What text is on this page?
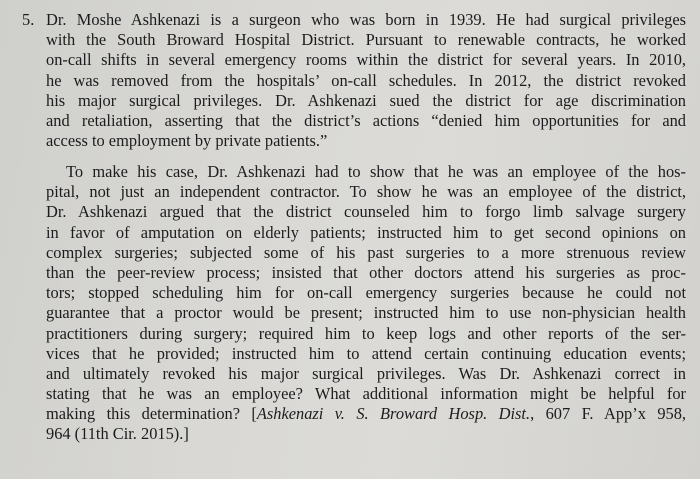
5. Dr. Moshe Ashkenazi is a surgeon who was born in 1939. He had surgical privileges
with the South Broward Hospital District. Pursuant to renewable contracts, he worked
on-call shifts in several emergency rooms within the district for several years. In 2010,
he was removed from the hospitals’ on-call schedules. In 2012, the district revoked
his major surgical privileges. Dr. Ashkenazi sued the district for age discrimination
and retaliation, asserting that the district’s actions “denied him opportunities for and
access to employment by private patients.”
To make his case, Dr. Ashkenazi had to show that he was an employee of the hos-
pital, not just an independent contractor. To show he was an employee of the district,
Dr. Ashkenazi argued that the district counseled him to forgo limb salvage surgery
in favor of amputation on elderly patients; instructed him to get second opinions on
complex surgeries; subjected some of his past surgeries to a more strenuous review
than the peer-review process; insisted that other doctors attend his surgeries as proc-
tors; stopped scheduling him for on-call emergency surgeries because he could not
guarantee that a proctor would be present; instructed him to use non-physician health
practitioners during surgery; required him to keep logs and other reports of the ser-
vices that he provided; instructed him to attend certain continuing education events;
and ultimately revoked his major surgical privileges. Was Dr. Ashkenazi correct in
stating that he was an employee? What additional information might be helpful for
making this determination? [Ashkenazi v. S. Broward Hosp. Dist., 607 F. App’x 958,
964 (11th Cir. 2015).]
